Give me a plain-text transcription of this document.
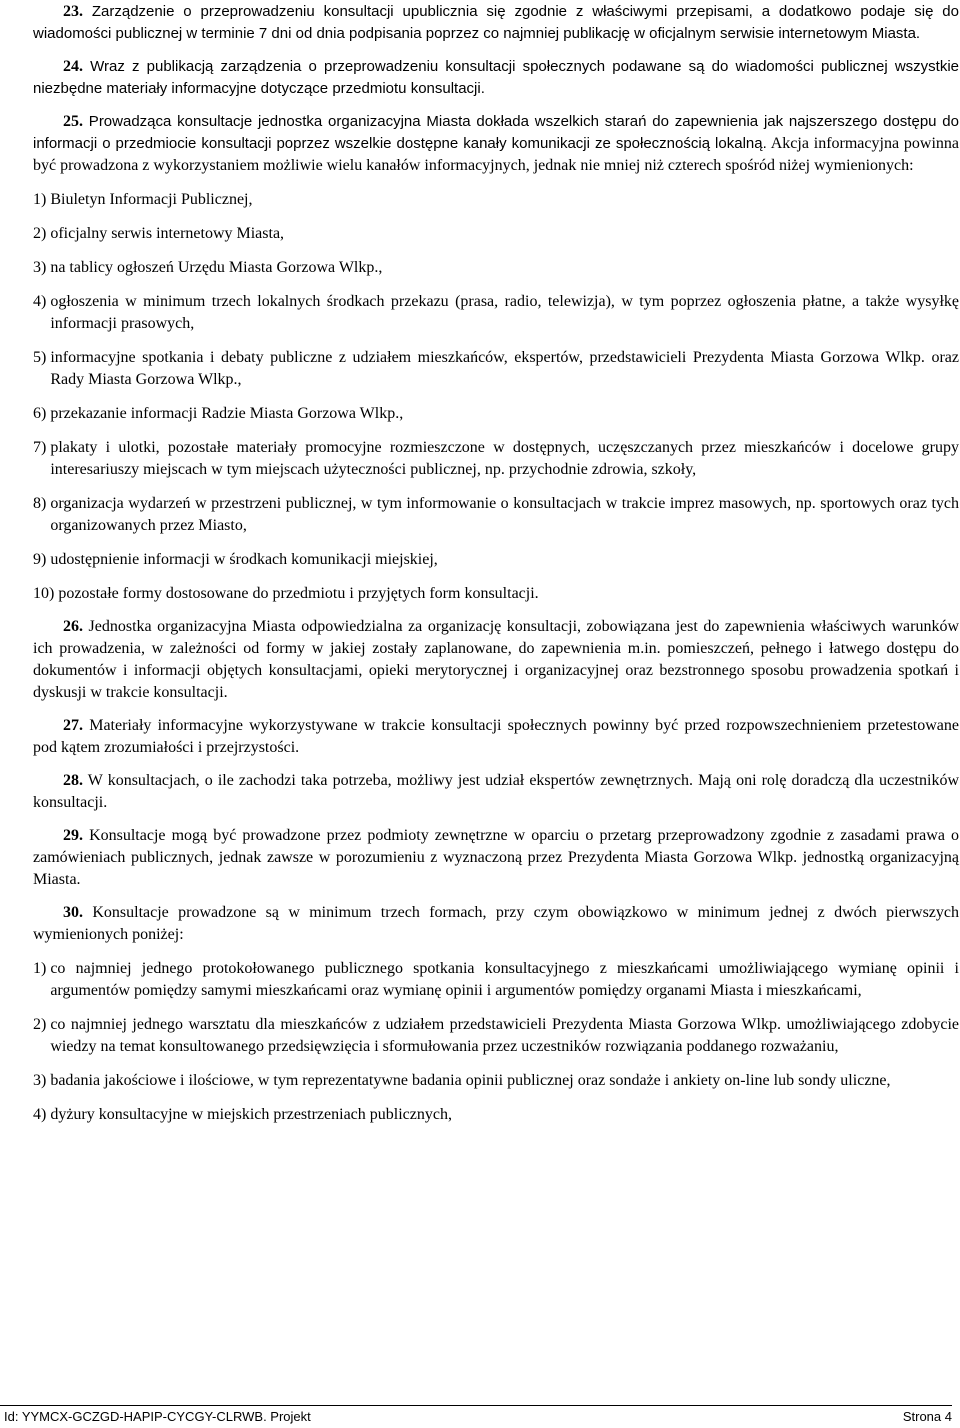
23. Zarządzenie o przeprowadzeniu konsultacji upublicznia się zgodnie z właściwymi przepisami, a dodatkowo podaje się do wiadomości publicznej w terminie 7 dni od dnia podpisania poprzez co najmniej publikację w oficjalnym serwisie internetowym Miasta.

24. Wraz z publikacją zarządzenia o przeprowadzeniu konsultacji społecznych podawane są do wiadomości publicznej wszystkie niezbędne materiały informacyjne dotyczące przedmiotu konsultacji.

25. Prowadząca konsultacje jednostka organizacyjna Miasta dokłada wszelkich starań do zapewnienia jak najszerszego dostępu do informacji o przedmiocie konsultacji poprzez wszelkie dostępne kanały komunikacji ze społecznością lokalną. Akcja informacyjna powinna być prowadzona z wykorzystaniem możliwie wielu kanałów informacyjnych, jednak nie mniej niż czterech spośród niżej wymienionych:

1) Biuletyn Informacji Publicznej,
2) oficjalny serwis internetowy Miasta,
3) na tablicy ogłoszeń Urzędu Miasta Gorzowa Wlkp.,
4) ogłoszenia w minimum trzech lokalnych środkach przekazu (prasa, radio, telewizja), w tym poprzez ogłoszenia płatne, a także wysyłkę informacji prasowych,
5) informacyjne spotkania i debaty publiczne z udziałem mieszkańców, ekspertów, przedstawicieli Prezydenta Miasta Gorzowa Wlkp. oraz Rady Miasta Gorzowa Wlkp.,
6) przekazanie informacji Radzie Miasta Gorzowa Wlkp.,
7) plakaty i ulotki, pozostałe materiały promocyjne rozmieszczone w dostępnych, uczęszczanych przez mieszkańców i docelowe grupy interesariuszy miejscach w tym miejscach użyteczności publicznej, np. przychodnie zdrowia, szkoły,
8) organizacja wydarzeń w przestrzeni publicznej, w tym informowanie o konsultacjach w trakcie imprez masowych, np. sportowych oraz tych organizowanych przez Miasto,
9) udostępnienie informacji w środkach komunikacji miejskiej,
10) pozostałe formy dostosowane do przedmiotu i przyjętych form konsultacji.

26. Jednostka organizacyjna Miasta odpowiedzialna za organizację konsultacji, zobowiązana jest do zapewnienia właściwych warunków ich prowadzenia, w zależności od formy w jakiej zostały zaplanowane, do zapewnienia m.in. pomieszczeń, pełnego i łatwego dostępu do dokumentów i informacji objętych konsultacjami, opieki merytorycznej i organizacyjnej oraz bezstronnego sposobu prowadzenia spotkań i dyskusji w trakcie konsultacji.

27. Materiały informacyjne wykorzystywane w trakcie konsultacji społecznych powinny być przed rozpowszechnieniem przetestowane pod kątem zrozumiałości i przejrzystości.

28. W konsultacjach, o ile zachodzi taka potrzeba, możliwy jest udział ekspertów zewnętrznych. Mają oni rolę doradczą dla uczestników konsultacji.

29. Konsultacje mogą być prowadzone przez podmioty zewnętrzne w oparciu o przetarg przeprowadzony zgodnie z zasadami prawa o zamówieniach publicznych, jednak zawsze w porozumieniu z wyznaczoną przez Prezydenta Miasta Gorzowa Wlkp. jednostką organizacyjną Miasta.

30. Konsultacje prowadzone są w minimum trzech formach, przy czym obowiązkowo w minimum jednej z dwóch pierwszych wymienionych poniżej:

1) co najmniej jednego protokołowanego publicznego spotkania konsultacyjnego z mieszkańcami umożliwiającego wymianę opinii i argumentów pomiędzy samymi mieszkańcami oraz wymianę opinii i argumentów pomiędzy organami Miasta i mieszkańcami,
2) co najmniej jednego warsztatu dla mieszkańców z udziałem przedstawicieli Prezydenta Miasta Gorzowa Wlkp. umożliwiającego zdobycie wiedzy na temat konsultowanego przedsięwzięcia i sformułowania przez uczestników rozwiązania poddanego rozważaniu,
3) badania jakościowe i ilościowe, w tym reprezentatywne badania opinii publicznej oraz sondaże i ankiety on-line lub sondy uliczne,
4) dyżury konsultacyjne w miejskich przestrzeniach publicznych,
Id: YYMCX-GCZGD-HAPIP-CYCGY-CLRWB. Projekt	Strona 4
